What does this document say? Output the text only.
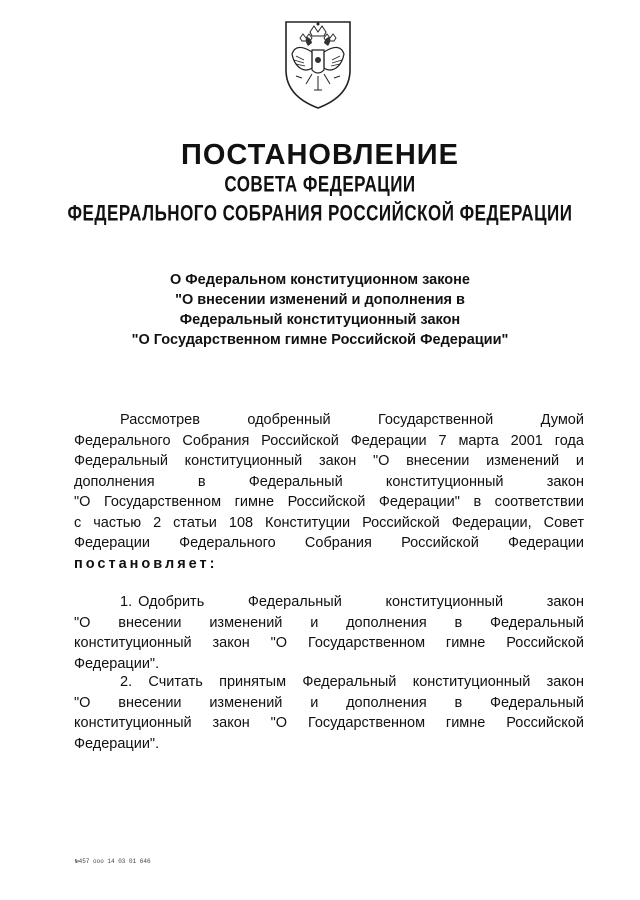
ПОСТАНОВЛЕНИЕ
СОВЕТА ФЕДЕРАЦИИ
ФЕДЕРАЛЬНОГО СОБРАНИЯ РОССИЙСКОЙ ФЕДЕРАЦИИ
О Федеральном конституционном законе
"О внесении изменений и дополнения в
Федеральный конституционный закон
"О Государственном гимне Российской Федерации"
Рассмотрев	одобренный	Государственной	Думой
Федерального Собрания Российской Федерации 7 марта 2001 года
Федеральный конституционный закон "О внесении изменений и
дополнения	в	Федеральный	конституционный	закон
"О Государственном гимне Российской Федерации" в соответствии
с частью 2 статьи 108 Конституции Российской Федерации, Совет
Федерации Федерального Собрания Российской Федерации
постановляет:
1. Одобрить	Федеральный	конституционный	закон
"О внесении изменений и дополнения в Федеральный
конституционный закон "О Государственном гимне Российской
Федерации".
2. Считать принятым Федеральный конституционный закон
"О внесении изменений и дополнения в Федеральный
конституционный закон "О Государственном гимне Российской
Федерации".
№457 ооо 14 03 01 646
